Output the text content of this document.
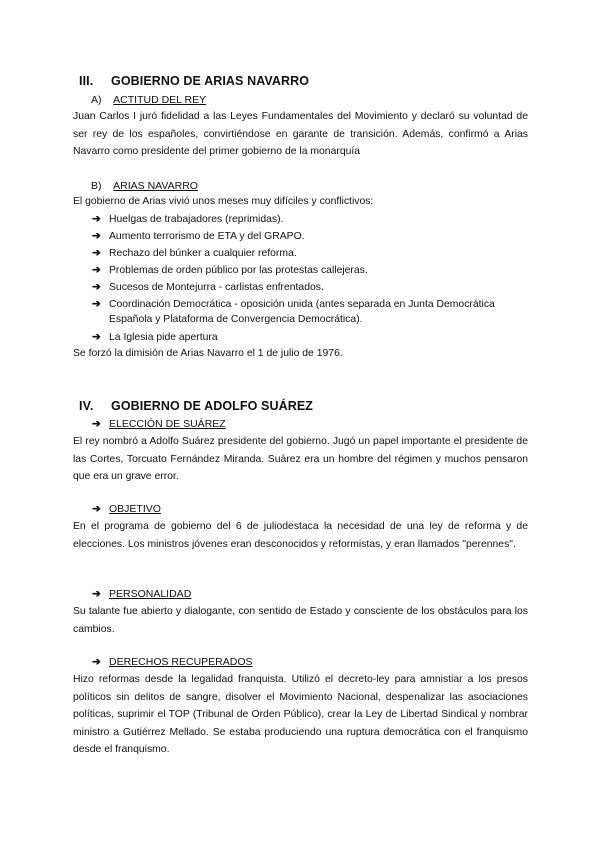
III. GOBIERNO DE ARIAS NAVARRO
A) ACTITUD DEL REY
Juan Carlos I juró fidelidad a las Leyes Fundamentales del Movimiento y declaró su voluntad de ser rey de los españoles, convirtiéndose en garante de transición. Además, confirmó a Arias Navarro como presidente del primer gobierno de la monarquía
B) ARIAS NAVARRO
El gobierno de Arias vivió unos meses muy difíciles y conflictivos:
➔ Huelgas de trabajadores (reprimidas).
➔ Aumento terrorismo de ETA y del GRAPO.
➔ Rechazo del búnker a cualquier reforma.
➔ Problemas de orden público por las protestas callejeras.
➔ Sucesos de Montejurra - carlistas enfrentados.
➔ Coordinación Democrática - oposición unida (antes separada en Junta Democrática
Española y Plataforma de Convergencia Democrática).
➔ La Iglesia pide apertura
Se forzó la dimisión de Arias Navarro el 1 de julio de 1976.
IV. GOBIERNO DE ADOLFO SUÁREZ
➔ ELECCIÓN DE SUÁREZ
El rey nombró a Adolfo Suárez presidente del gobierno. Jugó un papel importante el presidente de las Cortes, Torcuato Fernández Miranda. Suárez era un hombre del régimen y muchos pensaron que era un grave error.
➔ OBJETIVO
En el programa de gobierno del 6 de juliodestaca la necesidad de una ley de reforma y de elecciones. Los ministros jóvenes eran desconocidos y reformistas, y eran llamados "perennes".
➔ PERSONALIDAD
Su talante fue abierto y dialogante, con sentido de Estado y consciente de los obstáculos para los cambios.
➔ DERECHOS RECUPERADOS
Hizo reformas desde la legalidad franquista. Utilizó el decreto-ley para amnistiar a los presos políticos sin delitos de sangre, disolver el Movimiento Nacional, despenalizar las asociaciones políticas, suprimir el TOP (Tribunal de Orden Público), crear la Ley de Libertad Sindical y nombrar ministro a Gutiérrez Mellado. Se estaba produciendo una ruptura democrática con el franquismo desde el franquismo.
